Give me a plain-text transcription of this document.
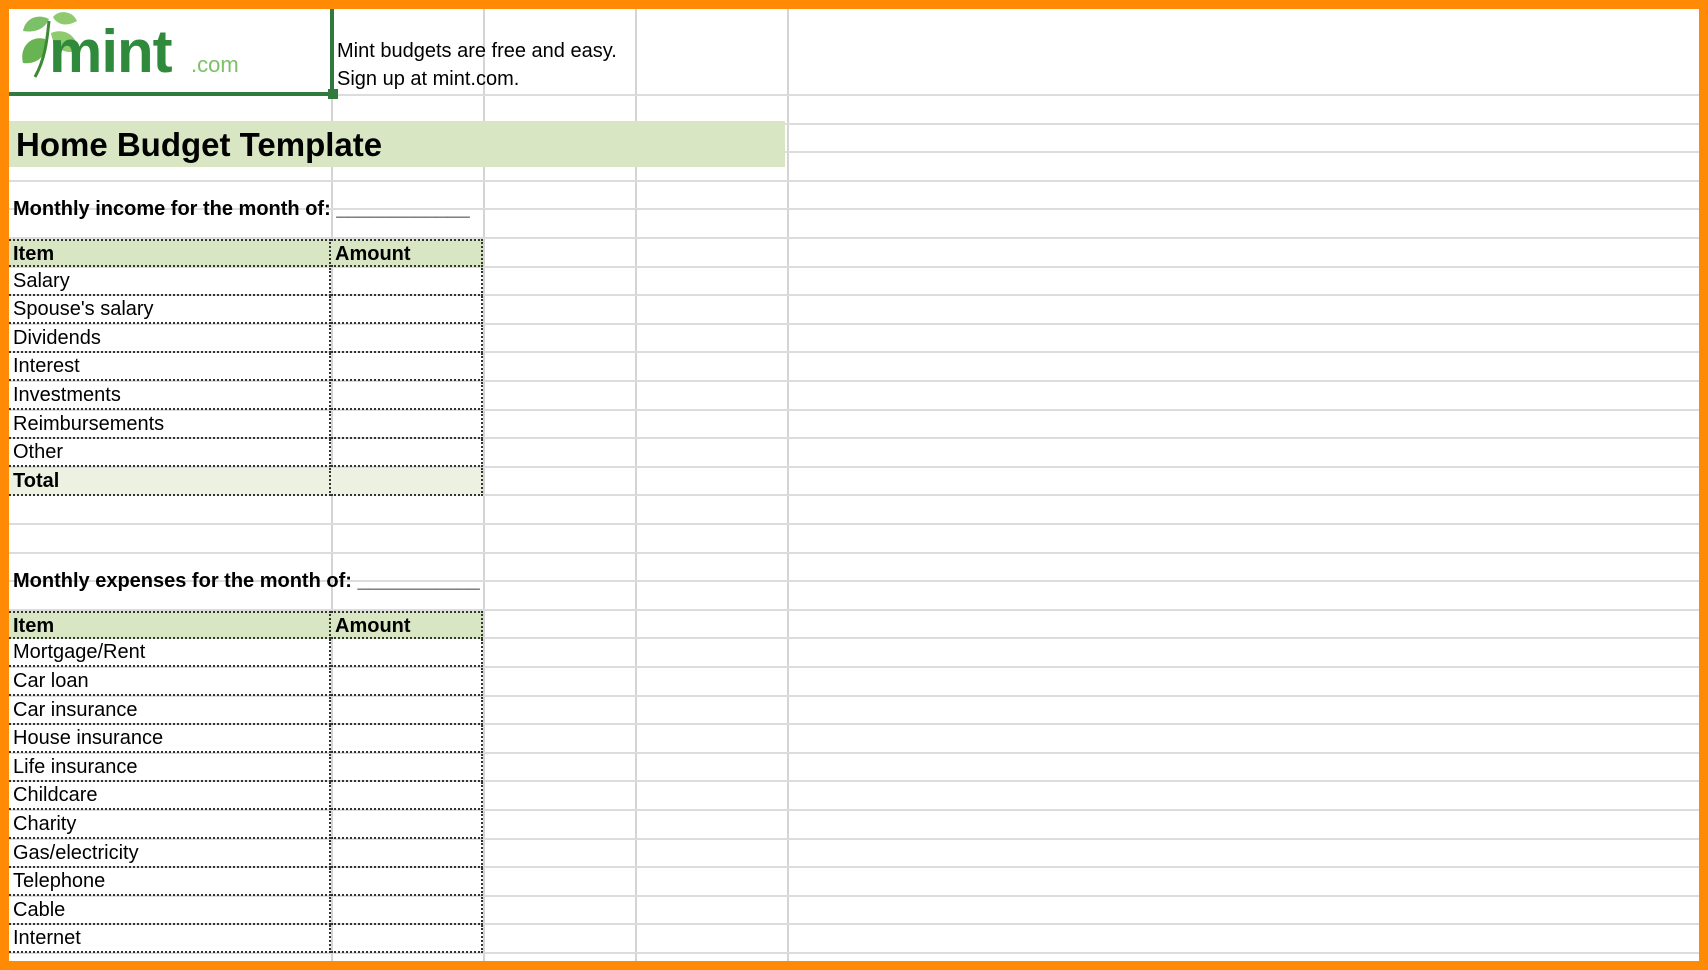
mint .com
Mint budgets are free and easy.
Sign up at mint.com.
Home Budget Template
Monthly income for the month of: ____________
Item	Amount
Salary
Spouse's salary
Dividends
Interest
Investments
Reimbursements
Other
Total
Monthly expenses for the month of: ___________
Item	Amount
Mortgage/Rent
Car loan
Car insurance
House insurance
Life insurance
Childcare
Charity
Gas/electricity
Telephone
Cable
Internet
